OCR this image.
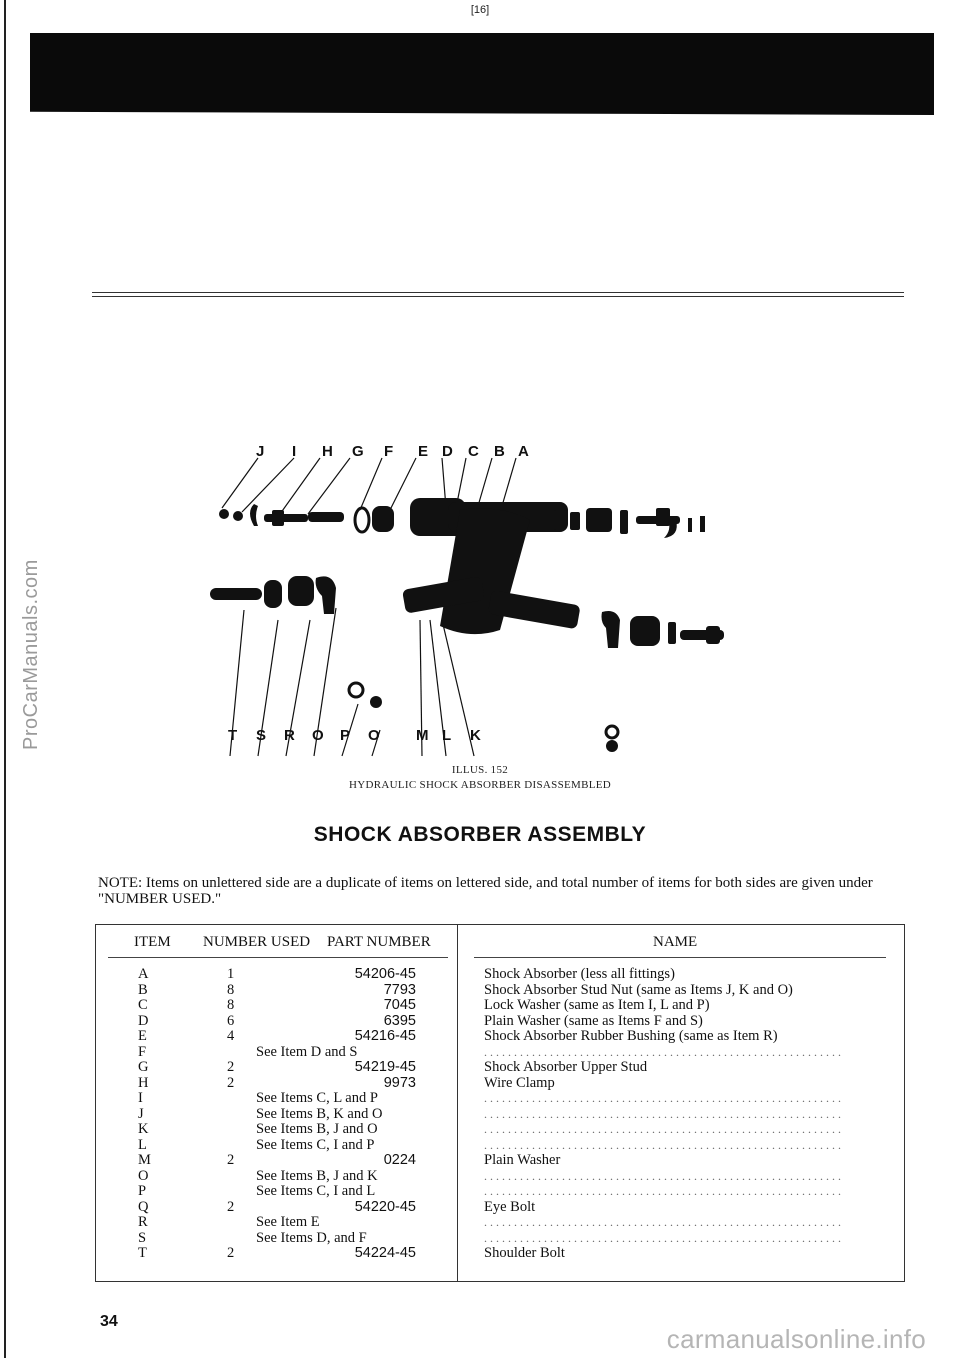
[16]
ProCarManuals.com
J I H G F E D C B A
T S R O P O M L K
ILLUS. 152
HYDRAULIC SHOCK ABSORBER DISASSEMBLED
SHOCK ABSORBER ASSEMBLY
NOTE: Items on unlettered side are a duplicate of items on lettered side, and total number of items for both sides are given under "NUMBER USED."
ITEM NUMBER USED PART NUMBER	NAME
A	1	54206-45	Shock Absorber (less all fittings)
B	8	7793	Shock Absorber Stud Nut (same as Items J, K and O)
C	8	7045	Lock Washer (same as Item I, L and P)
D	6	6395	Plain Washer (same as Items F and S)
E	4	54216-45	Shock Absorber Rubber Bushing (same as Item R)
F	See Item D and S	............................................................
G	2	54219-45	Shock Absorber Upper Stud
H	2	9973	Wire Clamp
I	See Items C, L and P	............................................................
J	See Items B, K and O	............................................................
K	See Items B, J and O	............................................................
L	See Items C, I and P	............................................................
M	2	0224	Plain Washer
O	See Items B, J and K	............................................................
P	See Items C, I and L	............................................................
Q	2	54220-45	Eye Bolt
R	See Item E	............................................................
S	See Items D, and F	............................................................
T	2	54224-45	Shoulder Bolt
34
carmanualsonline.info
